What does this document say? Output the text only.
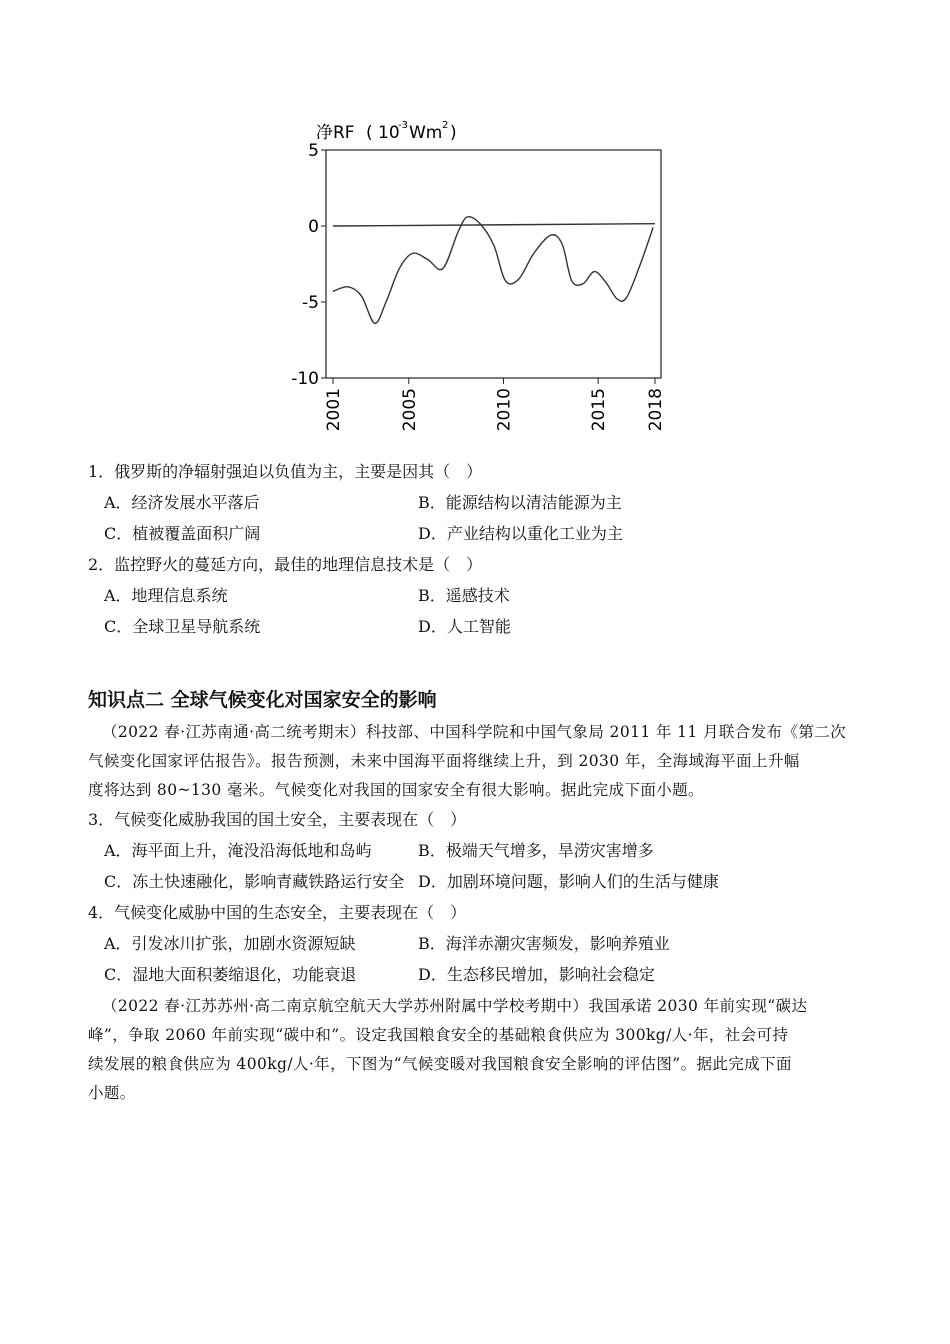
净RF ( 10
-3 Wm 2 )
5
0
-5
-10
2001	2005	2010	2015 2018
1．俄罗斯的净辐射强迫以负值为主，主要是因其（　）
A．经济发展水平落后	B．能源结构以清洁能源为主
C．植被覆盖面积广阔	D．产业结构以重化工业为主
2．监控野火的蔓延方向，最佳的地理信息技术是（　）
A．地理信息系统	B．遥感技术
C．全球卫星导航系统	D．人工智能
知识点二 全球气候变化对国家安全的影响
（2022 春·江苏南通·高二统考期末）科技部、中国科学院和中国气象局 2011 年 11 月联合发布《第二次
气候变化国家评估报告》。报告预测，未来中国海平面将继续上升，到 2030 年，全海域海平面上升幅
度将达到 80~130 毫米。气候变化对我国的国家安全有很大影响。据此完成下面小题。
3．气候变化威胁我国的国土安全，主要表现在（　）
A．海平面上升，淹没沿海低地和岛屿	B．极端天气增多，旱涝灾害增多
C．冻土快速融化，影响青藏铁路运行安全 D．加剧环境问题，影响人们的生活与健康
4．气候变化威胁中国的生态安全，主要表现在（　）
A．引发冰川扩张，加剧水资源短缺	B．海洋赤潮灾害频发，影响养殖业
C．湿地大面积萎缩退化，功能衰退	D．生态移民增加，影响社会稳定
（2022 春·江苏苏州·高二南京航空航天大学苏州附属中学校考期中）我国承诺 2030 年前实现“碳达
峰”，争取 2060 年前实现“碳中和”。设定我国粮食安全的基础粮食供应为 300kg/人·年，社会可持
续发展的粮食供应为 400kg/人·年，下图为“气候变暖对我国粮食安全影响的评估图”。据此完成下面
小题。
